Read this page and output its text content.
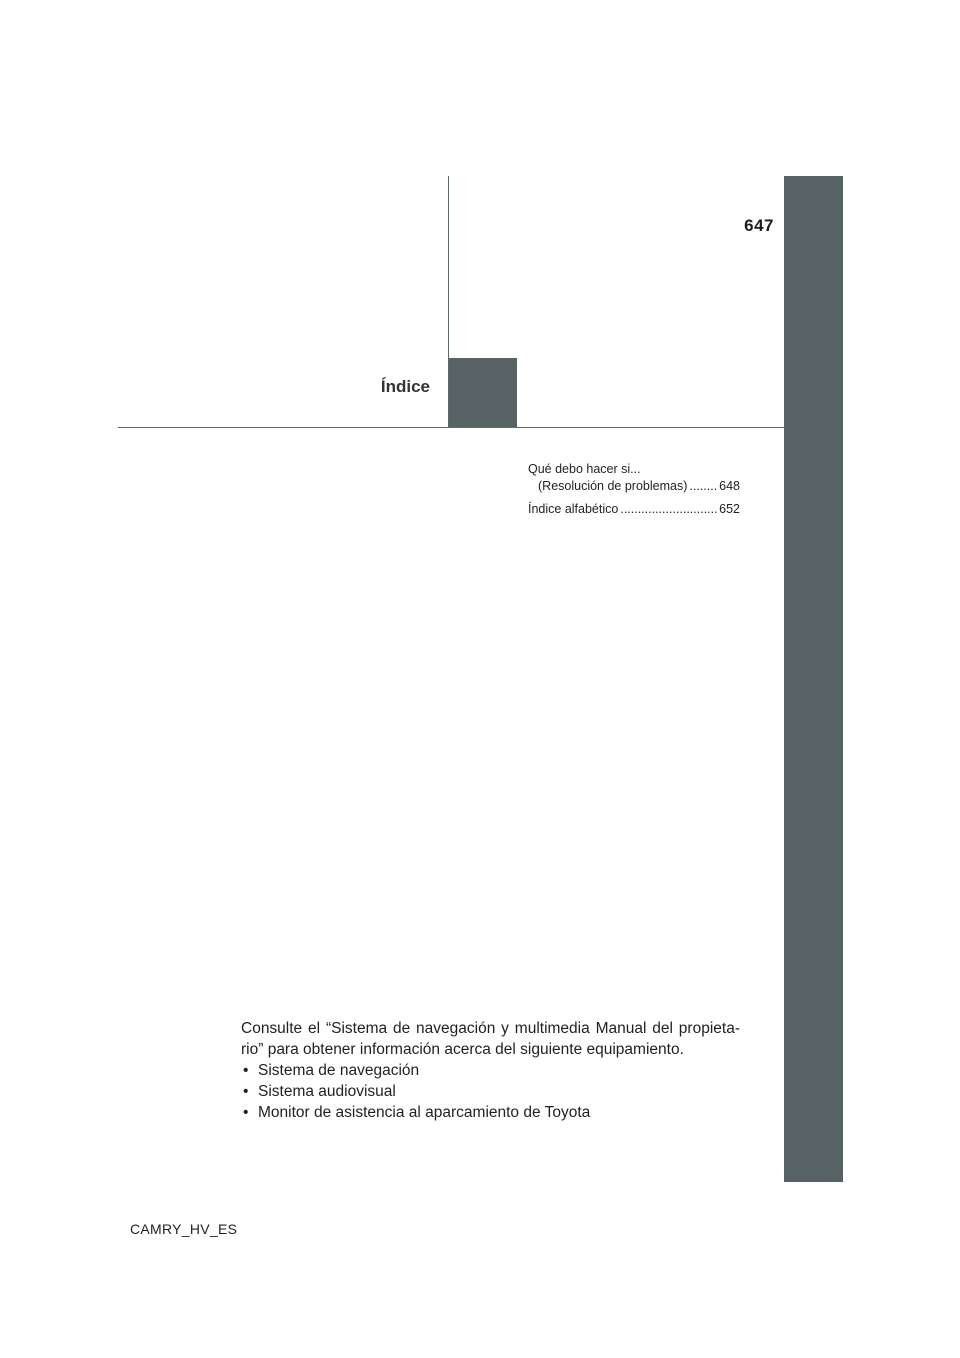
647
Índice
Qué debo hacer si...
(Resolución de problemas) .....	648
Índice alfabético .....	652

Consulte el “Sistema de navegación y multimedia Manual del propieta-rio” para obtener información acerca del siguiente equipamiento.

• Sistema de navegación
• Sistema audiovisual
• Monitor de asistencia al aparcamiento de Toyota
CAMRY_HV_ES
